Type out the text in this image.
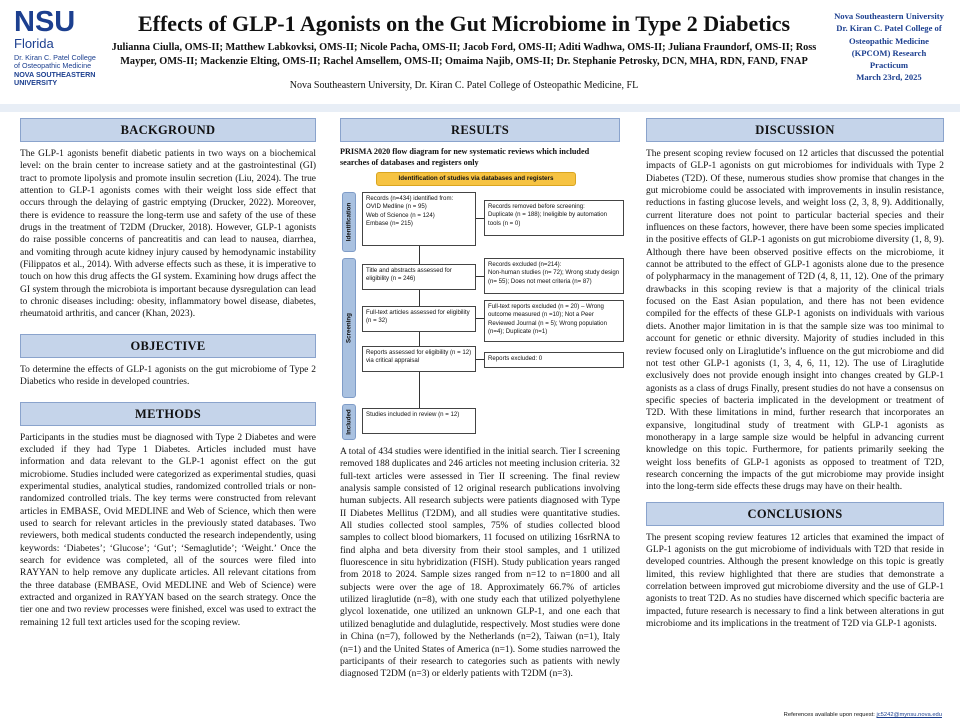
NSU
Florida
Dr. Kiran C. Patel College
of Osteopathic Medicine
NOVA SOUTHEASTERN
UNIVERSITY
Effects of GLP-1 Agonists on the Gut Microbiome in Type 2 Diabetics
Julianna Ciulla, OMS-II; Matthew Labkovksi, OMS-II; Nicole Pacha, OMS-II; Jacob Ford, OMS-II; Aditi Wadhwa, OMS-II; Juliana Fraundorf, OMS-II; Ross Mayper, OMS-II; Mackenzie Elting, OMS-II; Rachel Amsellem, OMS-II; Omaima Najib, OMS-II; Dr. Stephanie Petrosky, DCN, MHA, RDN, FAND, FNAP
Nova Southeastern University, Dr. Kiran C. Patel College of Osteopathic Medicine, FL
Nova Southeastern University
Dr. Kiran C. Patel College of
Osteopathic Medicine
(KPCOM) Research
Practicum
March 23rd, 2025
BACKGROUND
The GLP-1 agonists benefit diabetic patients in two ways on a biochemical level: on the brain center to increase satiety and at the gastrointestinal (GI) tract to promote lipolysis and promote insulin secretion (Liu, 2024). The true attention to GLP-1 agonists comes with their weight loss side effect that occurs through the delaying of gastric emptying (Drucker, 2022). Moreover, there is evidence to reassure the long-term use and safety of the use of these drugs in the treatment of T2DM (Drucker, 2018). However, GLP-1 agonists do raise possible concerns of pancreatitis and can lead to nausea, diarrhea, and vomiting through acute kidney injury caused by hemodynamic instability (Filippatos et al., 2014). With adverse effects such as these, it is imperative to touch on how this drug affects the GI system. Examining how drugs affect the GI system through the microbiota is important because dysregulation can lead to chronic diseases including: obesity, inflammatory bowel disease, diabetes, rheumatoid arthritis, and cancer (Khan, 2023).
OBJECTIVE
To determine the effects of GLP-1 agonists on the gut microbiome of Type 2 Diabetics who reside in developed countries.
METHODS
Participants in the studies must be diagnosed with Type 2 Diabetes and were excluded if they had Type 1 Diabetes. Articles included must have information and data relevant to the GLP-1 agonist effect on the gut microbiome. Studies included were categorized as experimental studies, quasi experimental studies, analytical studies, randomized controlled trials or non-randomized controlled trials. The key terms were constructed from relevant articles in EMBASE, Ovid MEDLINE and Web of Science, which then were used to search for relevant articles in the previously stated databases. Two reviewers, both medical students conducted the research independently, using keywords: ‘Diabetes’; ‘Glucose’; ‘Gut’; ‘Semaglutide’; ‘Weight.’ Once the search for evidence was completed, all of the sources were filed into RAYYAN to help remove any duplicate articles. All relevant citations from the three database (EMBASE, Ovid MEDLINE and Web of Science) were extracted and organized in RAYYAN based on the search strategy. Once the tier one and two review processes were finished, excel was used to extract the remaining 12 full text articles used for the scoping review.
RESULTS
PRISMA 2020 flow diagram for new systematic reviews which included searches of databases and registers only
Identification of studies via databases and registers
Identification
Screening
Included
Records (n=434) identified from:
OVID Medline (n = 95)
Web of Science (n = 124)
Embase (n= 215)
Records removed before screening:
Duplicate (n = 188); Ineligible by automation tools (n = 0)
Title and abstracts assessed for eligibility (n = 246)
Records excluded (n=214):
Non-human studies (n= 72); Wrong study design (n= 55); Does not meet criteria (n= 87)
Full-text articles assessed for eligibility (n = 32)
Full-text reports excluded (n = 20) – Wrong outcome measured (n =10); Not a Peer Reviewed Journal (n = 5); Wrong population (n=4); Duplicate (n=1)
Reports assessed for eligibility (n = 12) via critical appraisal	Reports excluded: 0
Studies included in review (n = 12)
A total of 434 studies were identified in the initial search. Tier I screening removed 188 duplicates and 246 articles not meeting inclusion criteria. 32 full-text articles were assessed in Tier II screening. The final review analysis sample consisted of 12 original research publications involving human subjects. All research subjects were patients diagnosed with Type II Diabetes Mellitus (T2DM), and all studies were quantitative studies. All studies collected stool samples, 75% of studies collected blood samples to collect blood biomarkers, 11 focused on utilizing 16srRNA to find alpha and beta diversity from their stool samples, and 1 utilized fluorescence in situ hybridization (FISH). Study publication years ranged from 2018 to 2024. Sample sizes ranged from n=12 to n=1800 and all subjects were over the age of 18. Approximately 66.7% of articles utilized liraglutide (n=8), with one study each that utilized polyethylene glycol loxenatide, one utilized an unknown GLP-1, and one each that utilized benaglutide and dulaglutide, respectively. Most studies were done in China (n=7), followed by the Netherlands (n=2), Taiwan (n=1), Italy (n=1) and the United States of America (n=1). Some studies narrowed the participants of their research to categories such as patients with newly diagnosed T2DM (n=3) or elderly patients with T2DM (n=3).
DISCUSSION
The present scoping review focused on 12 articles that discussed the potential impacts of GLP-1 agonists on gut microbiomes for individuals with Type 2 Diabetes (T2D). Of these, numerous studies show promise that changes in the gut microbiome could be associated with improvements in insulin resistance, reductions in fasting glucose levels, and weight loss (2, 3, 8, 9). Additionally, current literature does not point to particular bacterial species and their influences on these factors, however, there have been some species implicated in the positive effects of GLP-1 agonists on gut microbiome diversity (1, 8, 9). Although there have been observed positive effects on the microbiome, it cannot be attributed to the effect of GLP-1 agonists alone due to the presence of polypharmacy in the management of T2D (4, 8, 11, 12). One of the primary drawbacks in this scoping review is that a majority of the clinical trials focused on the East Asian population, and there has not been evidence compiled for the effects of these GLP-1 agonists on individuals with various diets. Another major limitation in is that the sample size was too minimal to account for genetic or ethnic diversity. Majority of studies included in this review focused only on Liraglutide’s influence on the gut microbiome and did not test other GLP-1 agonists (1, 3, 4, 6, 11, 12). The use of Liraglutide exclusively does not provide enough insight into changes created by GLP-1 agonists as a class of drugs Finally, present studies do not have a consensus on specific species of bacteria implicated in the development or treatment of T2D. With these limitations in mind, further research that incorporates an expansive, longitudinal study of treatment with GLP-1 agonists as monotherapy in a large sample size would be helpful in advancing current knowledge on this topic. Furthermore, for patients primarily seeking the weight loss benefits of GLP-1 agonists as opposed to treatment of T2D, research concerning the impacts of the gut microbiome may provide insight into the long-term side effects these drugs may have on their health.
CONCLUSIONS
The present scoping review features 12 articles that examined the impact of GLP-1 agonists on the gut microbiome of individuals with T2D that reside in developed countries. Although the present knowledge on this topic is greatly limited, this review highlighted that there are studies that demonstrate a correlation between improved gut microbiome diversity and the use of GLP-1 agonists to treat T2D. As no studies have discerned which specific bacteria are impacted, future research is necessary to find a link between alterations in gut microbiome and its implications in the treatment of T2D via GLP-1 agonists.
References available upon request: jc5242@mynsu.nova.edu
